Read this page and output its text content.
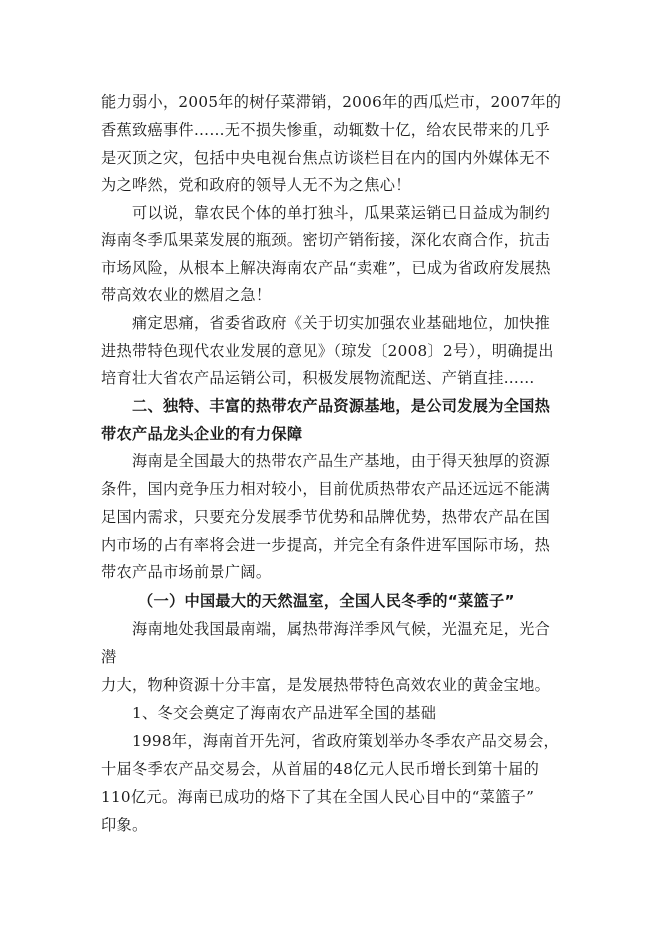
能力弱小，2005年的树仔菜滞销，2006年的西瓜烂市，2007年的
香蕉致癌事件……无不损失惨重，动辄数十亿，给农民带来的几乎
是灭顶之灾，包括中央电视台焦点访谈栏目在内的国内外媒体无不
为之哗然，党和政府的领导人无不为之焦心！
可以说，靠农民个体的单打独斗，瓜果菜运销已日益成为制约
海南冬季瓜果菜发展的瓶颈。密切产销衔接，深化农商合作，抗击
市场风险，从根本上解决海南农产品“卖难”，已成为省政府发展热
带高效农业的燃眉之急！
痛定思痛，省委省政府《关于切实加强农业基础地位，加快推
进热带特色现代农业发展的意见》（琼发〔2008〕2号），明确提出
培育壮大省农产品运销公司，积极发展物流配送、产销直挂……
二、独特、丰富的热带农产品资源基地，是公司发展为全国热
带农产品龙头企业的有力保障
海南是全国最大的热带农产品生产基地，由于得天独厚的资源
条件，国内竞争压力相对较小，目前优质热带农产品还远远不能满
足国内需求，只要充分发展季节优势和品牌优势，热带农产品在国
内市场的占有率将会进一步提高，并完全有条件进军国际市场，热
带农产品市场前景广阔。
（一）中国最大的天然温室，全国人民冬季的“菜篮子”
海南地处我国最南端，属热带海洋季风气候，光温充足，光合
潜
力大，物种资源十分丰富，是发展热带特色高效农业的黄金宝地。
1、冬交会奠定了海南农产品进军全国的基础
1998年，海南首开先河，省政府策划举办冬季农产品交易会，
十届冬季农产品交易会，从首届的48亿元人民币增长到第十届的
110亿元。海南已成功的烙下了其在全国人民心目中的“菜篮子”
印象。
